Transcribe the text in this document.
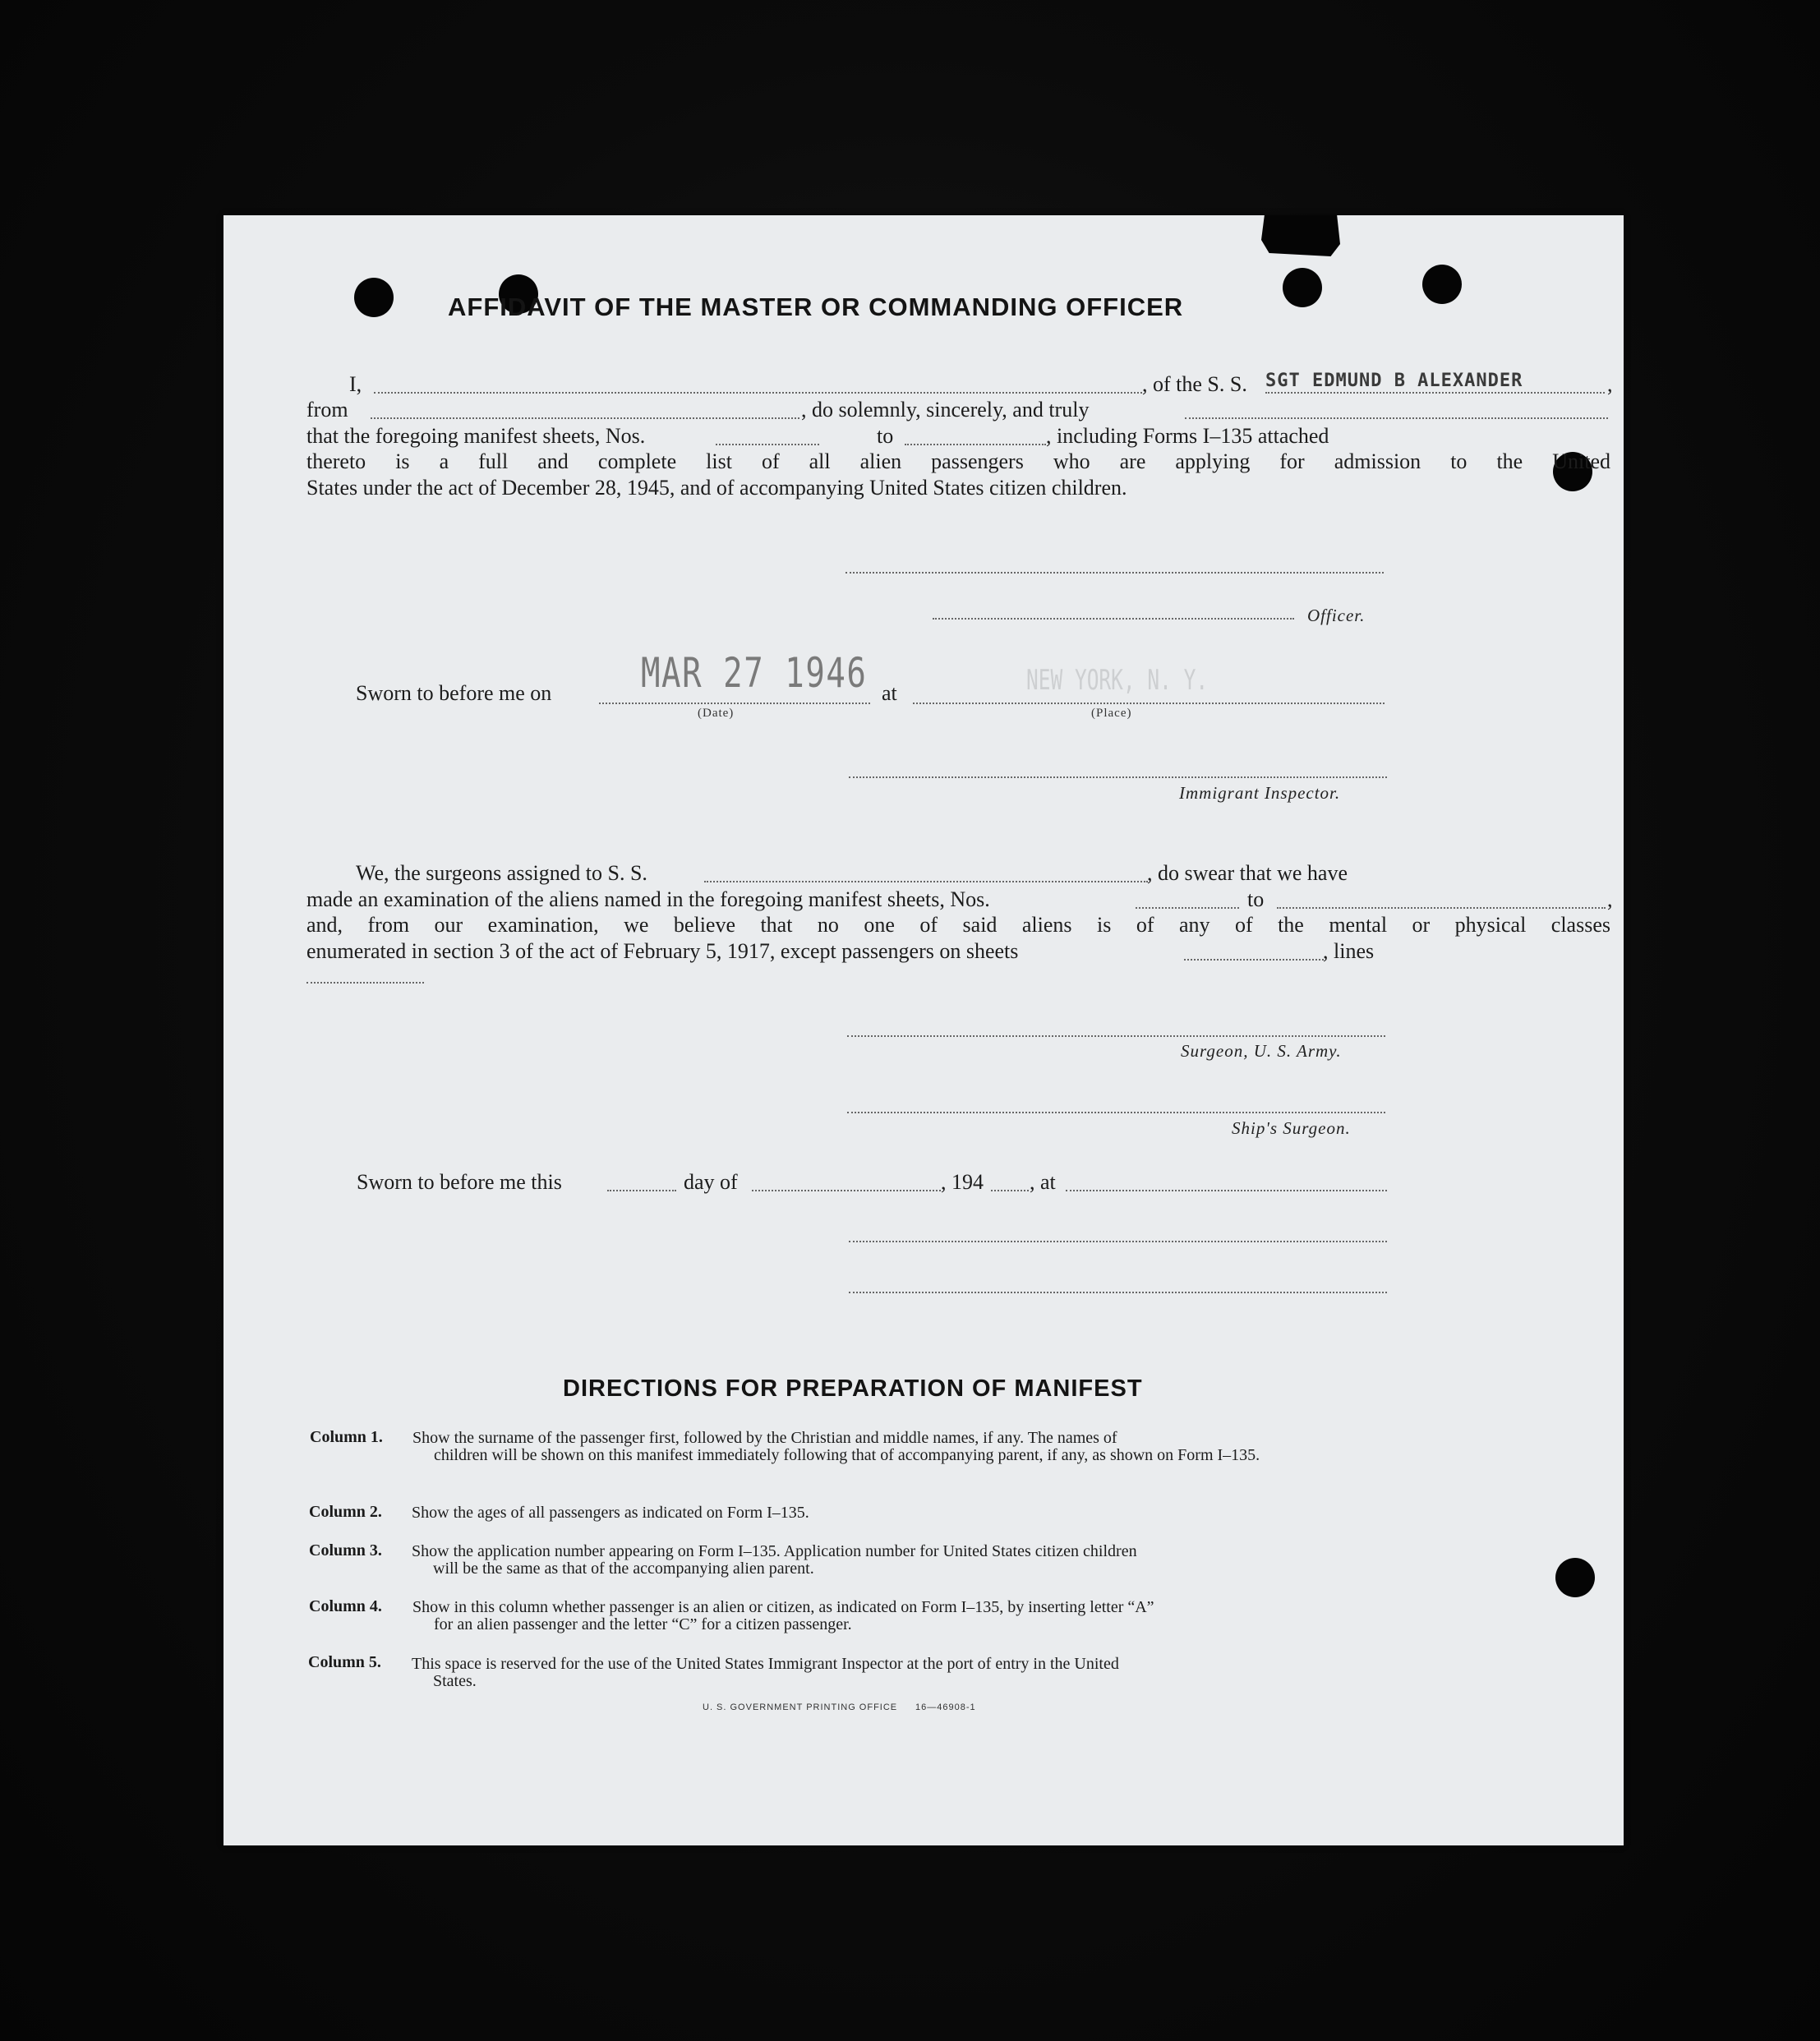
AFFIDAVIT OF THE MASTER OR COMMANDING OFFICER
I,	, of the S. S. SGT EDMUND B ALEXANDER	,
from	, do solemnly, sincerely, and truly
that the foregoing manifest sheets, Nos.	to	, including Forms I–135 attached
thereto is a full and complete list of all alien passengers who are applying for admission to the United
States under the act of December 28, 1945, and of accompanying United States citizen children.
Officer.
Sworn to before me on MAR 27 1946
(Date)
at	NEW YORK, N. Y.
(Place)
Immigrant Inspector.
We, the surgeons assigned to S. S.	, do swear that we have
made an examination of the aliens named in the foregoing manifest sheets, Nos.	to	,
and, from our examination, we believe that no one of said aliens is of any of the mental or physical classes
enumerated in section 3 of the act of February 5, 1917, except passengers on sheets	, lines
Surgeon, U. S. Army.
Ship's Surgeon.
Sworn to before me this	day of	, 194 , at
DIRECTIONS FOR PREPARATION OF MANIFEST
Column 1. Show the surname of the passenger first, followed by the Christian and middle names, if any. The names of
children will be shown on this manifest immediately following that of accompanying parent, if any, as shown on Form I–135.
Column 2. Show the ages of all passengers as indicated on Form I–135.
Column 3. Show the application number appearing on Form I–135. Application number for United States citizen children
will be the same as that of the accompanying alien parent.
Column 4. Show in this column whether passenger is an alien or citizen, as indicated on Form I–135, by inserting letter “A”
for an alien passenger and the letter “C” for a citizen passenger.
Column 5. This space is reserved for the use of the United States Immigrant Inspector at the port of entry in the United
States.
U. S. GOVERNMENT PRINTING OFFICE 16—46908-1
